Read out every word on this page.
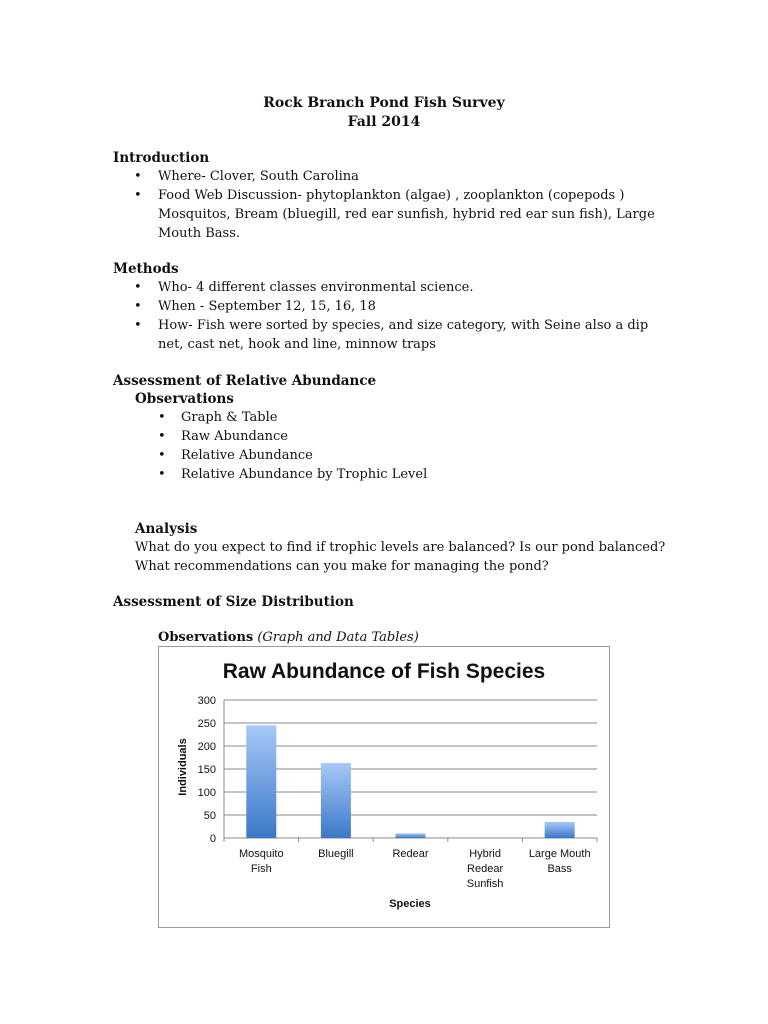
Rock Branch Pond Fish Survey
Fall 2014
Introduction
• Where- Clover, South Carolina
• Food Web Discussion- phytoplankton (algae) , zooplankton (copepods )
Mosquitos, Bream (bluegill, red ear sunfish, hybrid red ear sun fish), Large
Mouth Bass.
Methods
• Who- 4 different classes environmental science.
• When - September 12, 15, 16, 18
• How- Fish were sorted by species, and size category, with Seine also a dip
net, cast net, hook and line, minnow traps
Assessment of Relative Abundance
Observations
• Graph & Table
• Raw Abundance
• Relative Abundance
• Relative Abundance by Trophic Level
Analysis
What do you expect to find if trophic levels are balanced? Is our pond balanced?
What recommendations can you make for managing the pond?
Assessment of Size Distribution
Observations (Graph and Data Tables)
Raw Abundance of Fish Species
Individuals
Species
0
50
100
150
200
250
300
Mosquito
Fish
Bluegill	Redear	Hybrid
Redear
Sunfish
Large Mouth
Bass
